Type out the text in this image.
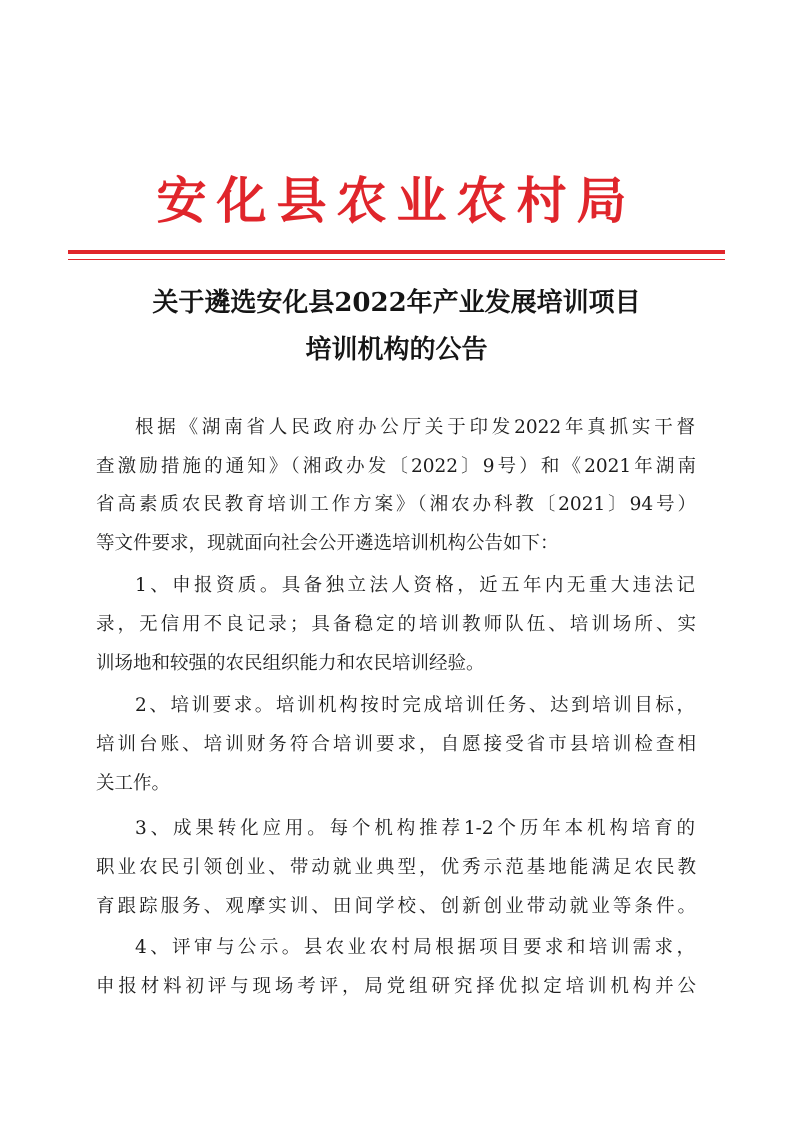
安化县农业农村局
关于遴选安化县2022年产业发展培训项目
培训机构的公告
根据《湖南省人民政府办公厅关于印发2022年真抓实干督
查激励措施的通知》（湘政办发〔2022〕9号）和《2021年湖南
省高素质农民教育培训工作方案》（湘农办科教〔2021〕94号）
等文件要求，现就面向社会公开遴选培训机构公告如下：
1、申报资质。具备独立法人资格，近五年内无重大违法记
录，无信用不良记录；具备稳定的培训教师队伍、培训场所、实
训场地和较强的农民组织能力和农民培训经验。
2、培训要求。培训机构按时完成培训任务、达到培训目标，
培训台账、培训财务符合培训要求，自愿接受省市县培训检查相
关工作。
3、成果转化应用。每个机构推荐1-2个历年本机构培育的
职业农民引领创业、带动就业典型，优秀示范基地能满足农民教
育跟踪服务、观摩实训、田间学校、创新创业带动就业等条件。
4、评审与公示。县农业农村局根据项目要求和培训需求，
申报材料初评与现场考评，局党组研究择优拟定培训机构并公
